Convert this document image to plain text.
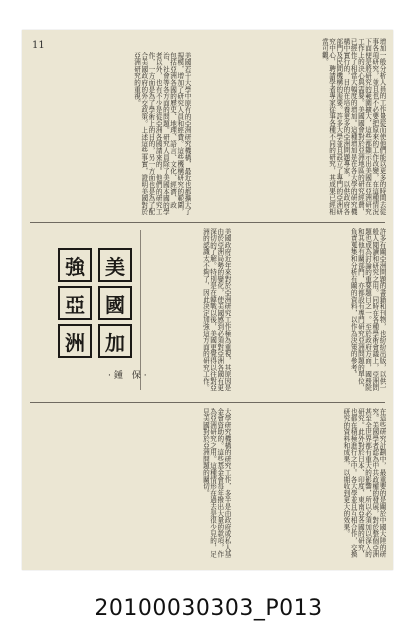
11	增加一般分析人員的工作量從而使他們能以更多的時間去從事各項研究，並且也不必要把原來的工作改變，在這種情況下面便是將研究的範圍擴大，這些都顯示出美國在亞洲研究工作上的決心與需要。美國國會對於亞洲地區的研究經費，已經作了相當大幅度的增加。這種增加是在各大學的研究機構中實行的，目的在培養更多的亞洲問題專家，以供政府各部門及民間機構的需要。許多大學並且設立了專門的亞洲研究中心，聘請學者專家從事各種不同的研究，其成果已經相當可觀。
美國若干大學中原有的亞洲研究機構，最近也都擴大了規模，增加了研究人員和經費。這些機構研究的範圍，包括亞洲各國的歷史、地理、語言、文化、經濟、政治、社會等各方面的問題。研究人員除了美國本國的學者以外，也有不少是從亞洲各國請來的。他們的研究工作，一方面是為了學術上的目的，另一方面也是為了配合美國政府的外交政策。上述這些事實，證明美國對於亞洲研究的重視。
許多有關亞洲問題的書籍和刊物，也紛紛出版，以供一般人閱讀和研究之用。同時在各種學術會議上，亞洲問題也成為討論的重要題目之一。至於政府方面，國務院和其他有關部門，亦都設有專門研究亞洲問題的單位，負責蒐集和分析有關的資料，以作為決策的參考。
美國政府近年來對於亞洲研究工作極為重視，其原因是由於亞洲局勢的變化，使美國感到必須對亞洲各國有更深切的了解。特別是在韓戰以後，美國更覺得以往對亞洲的認識太不夠了，因此決定加強這方面的研究工作。
美
國
加
強
亞
洲
·鍾 保·
在這些研究計劃中，最重要的是關於中國大陸的研究。美國學者認為中共政權的發展，對於整個亞洲甚至全世界都有重大的影響，所以必須加以深入的研究。此外對於日本、印度、東南亞各國的研究，也都在積極進行之中。各大學並且互相合作，交換研究的資料和成果，以期收到更大的效果。
大學研究機構的研究工作，多半是由政府或私人基金會資助的。這些基金會每年撥出大量的款項，作為亞洲研究之用。這種情形在過去是很少見的，足見美國對於亞洲問題的關切。
20100030303_P013
